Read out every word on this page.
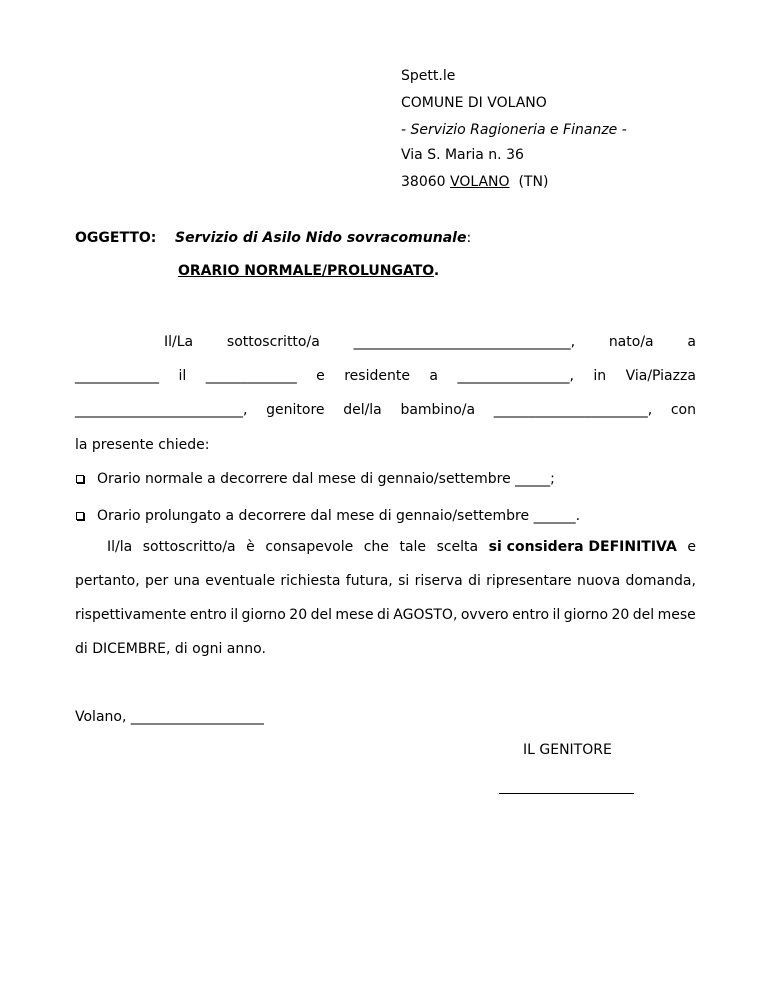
Spett.le
COMUNE DI VOLANO
- Servizio Ragioneria e Finanze -
Via S. Maria n. 36
38060 VOLANO (TN)
OGGETTO: Servizio di Asilo Nido sovracomunale:
ORARIO NORMALE/PROLUNGATO.
Il/La sottoscritto/a _______________________________, nato/a a
____________ il _____________ e residente a ________________, in Via/Piazza
________________________, genitore del/la bambino/a ______________________, con
la presente chiede:
Orario normale a decorrere dal mese di gennaio/settembre _____;
Orario prolungato a decorrere dal mese di gennaio/settembre ______.
Il/la sottoscritto/a è consapevole che tale scelta si considera DEFINITIVA e
pertanto, per una eventuale richiesta futura, si riserva di ripresentare nuova domanda,
rispettivamente entro il giorno 20 del mese di AGOSTO, ovvero entro il giorno 20 del mese
di DICEMBRE, di ogni anno.
Volano, ___________________
IL GENITORE
